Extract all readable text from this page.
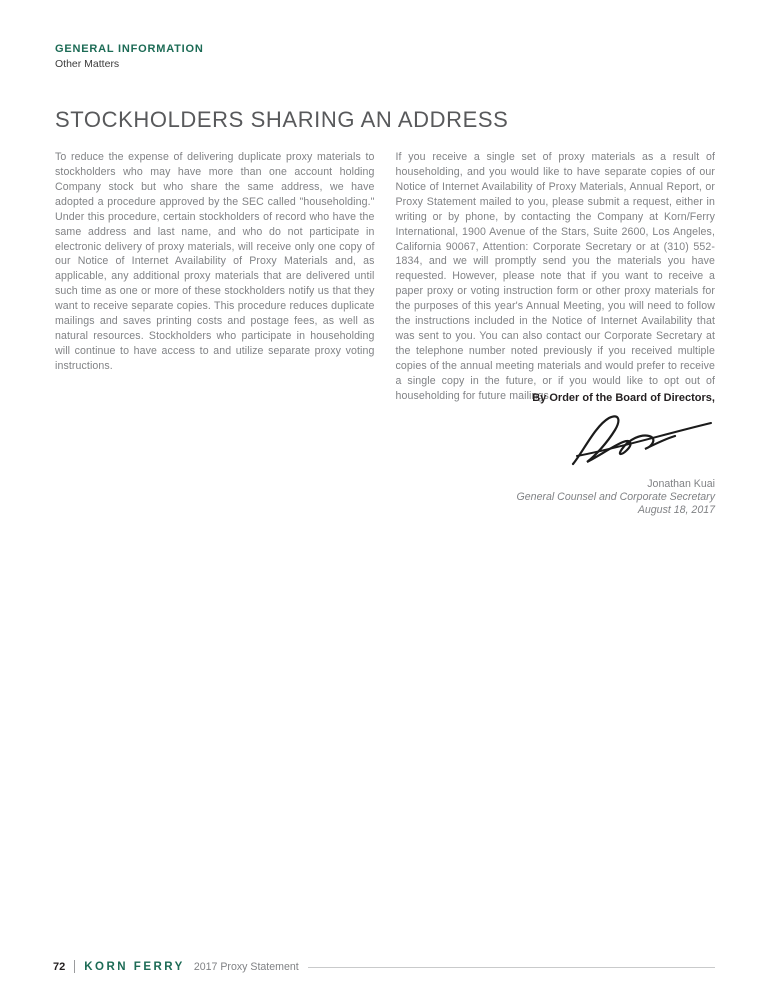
GENERAL INFORMATION
Other Matters
STOCKHOLDERS SHARING AN ADDRESS
To reduce the expense of delivering duplicate proxy materials to stockholders who may have more than one account holding Company stock but who share the same address, we have adopted a procedure approved by the SEC called "householding." Under this procedure, certain stockholders of record who have the same address and last name, and who do not participate in electronic delivery of proxy materials, will receive only one copy of our Notice of Internet Availability of Proxy Materials and, as applicable, any additional proxy materials that are delivered until such time as one or more of these stockholders notify us that they want to receive separate copies. This procedure reduces duplicate mailings and saves printing costs and postage fees, as well as natural resources. Stockholders who participate in householding will continue to have access to and utilize separate proxy voting instructions.
If you receive a single set of proxy materials as a result of householding, and you would like to have separate copies of our Notice of Internet Availability of Proxy Materials, Annual Report, or Proxy Statement mailed to you, please submit a request, either in writing or by phone, by contacting the Company at Korn/Ferry International, 1900 Avenue of the Stars, Suite 2600, Los Angeles, California 90067, Attention: Corporate Secretary or at (310) 552-1834, and we will promptly send you the materials you have requested. However, please note that if you want to receive a paper proxy or voting instruction form or other proxy materials for the purposes of this year's Annual Meeting, you will need to follow the instructions included in the Notice of Internet Availability that was sent to you. You can also contact our Corporate Secretary at the telephone number noted previously if you received multiple copies of the annual meeting materials and would prefer to receive a single copy in the future, or if you would like to opt out of householding for future mailings.
By Order of the Board of Directors,
Jonathan Kuai
General Counsel and Corporate Secretary
August 18, 2017
72 KORN FERRY 2017 Proxy Statement
